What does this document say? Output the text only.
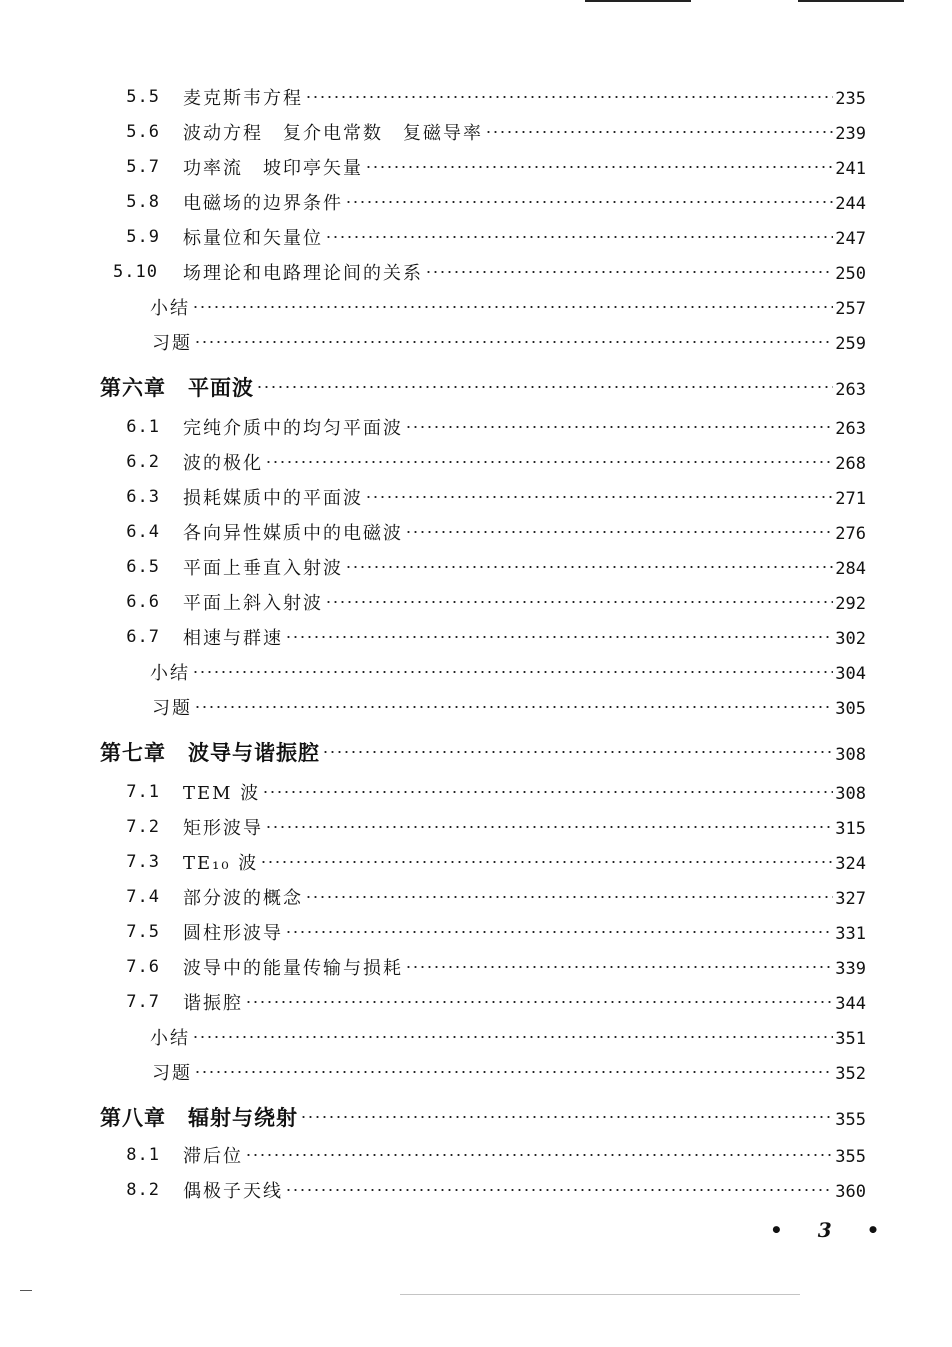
5.5 麦克斯韦方程	235
5.6 波动方程　复介电常数　复磁导率	239
5.7 功率流　坡印亭矢量	241
5.8 电磁场的边界条件	244
5.9 标量位和矢量位	247
5.10 场理论和电路理论间的关系	250
小结	257
习题	259
第六章　平面波	263
6.1 完纯介质中的均匀平面波	263
6.2 波的极化	268
6.3 损耗媒质中的平面波	271
6.4 各向异性媒质中的电磁波	276
6.5 平面上垂直入射波	284
6.6 平面上斜入射波	292
6.7 相速与群速	302
小结	304
习题	305
第七章　波导与谐振腔	308
7.1 TEM 波	308
7.2 矩形波导	315
7.3 TE₁₀ 波	324
7.4 部分波的概念	327
7.5 圆柱形波导	331
7.6 波导中的能量传输与损耗	339
7.7 谐振腔	344
小结	351
习题	352
第八章　辐射与绕射	355
8.1 滞后位	355
8.2 偶极子天线	360
• 3 •
